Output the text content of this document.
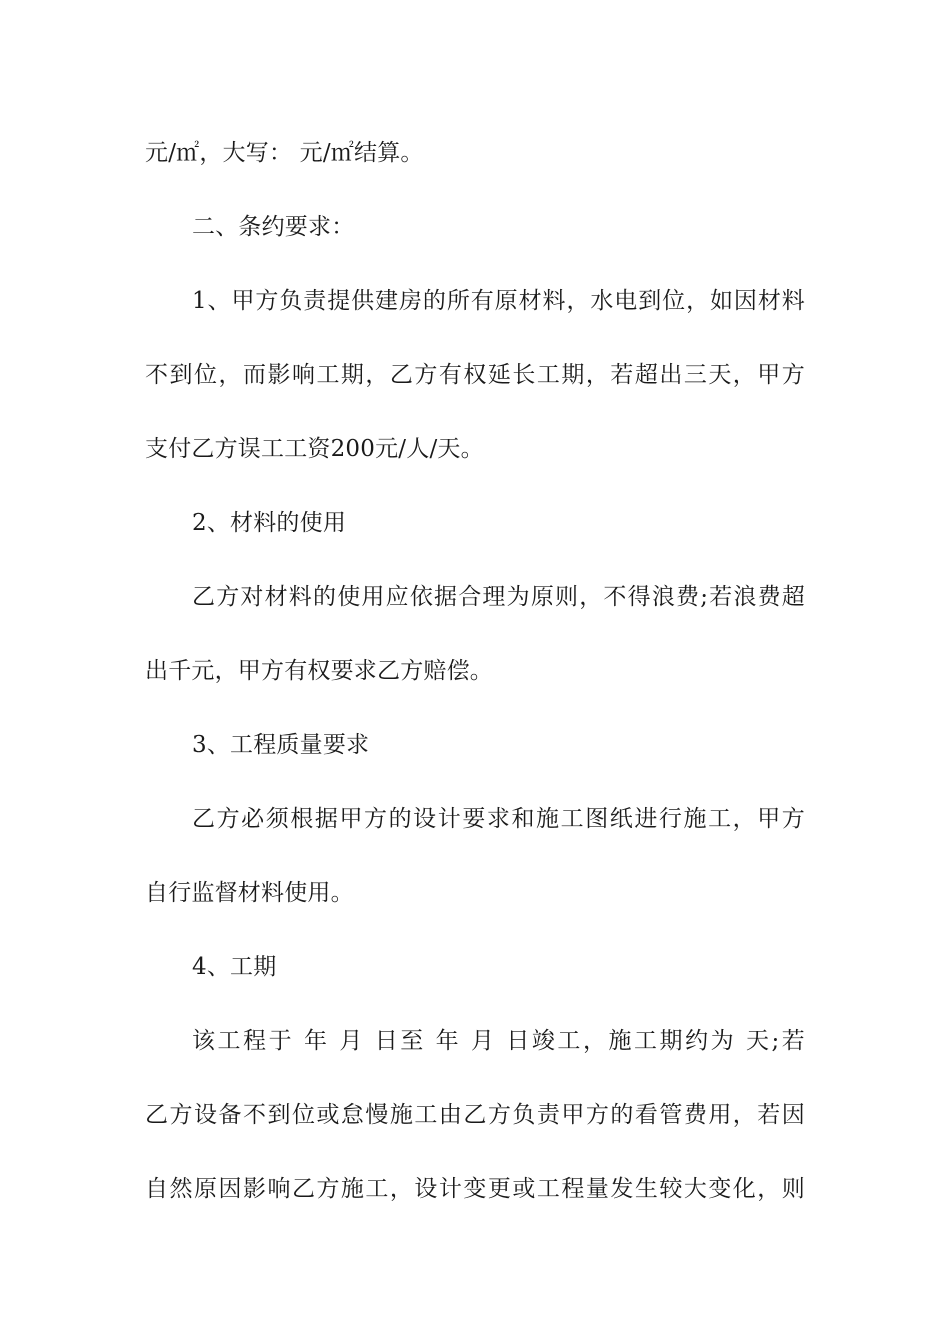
元/㎡，大写： 元/㎡结算。
二、条约要求：
1、甲方负责提供建房的所有原材料，水电到位，如因材料
不到位，而影响工期，乙方有权延长工期，若超出三天，甲方
支付乙方误工工资200元/人/天。
2、材料的使用
乙方对材料的使用应依据合理为原则，不得浪费;若浪费超
出千元，甲方有权要求乙方赔偿。
3、工程质量要求
乙方必须根据甲方的设计要求和施工图纸进行施工，甲方
自行监督材料使用。
4、工期
该工程于 年 月 日至 年 月 日竣工，施工期约为 天;若
乙方设备不到位或怠慢施工由乙方负责甲方的看管费用，若因
自然原因影响乙方施工，设计变更或工程量发生较大变化，则
